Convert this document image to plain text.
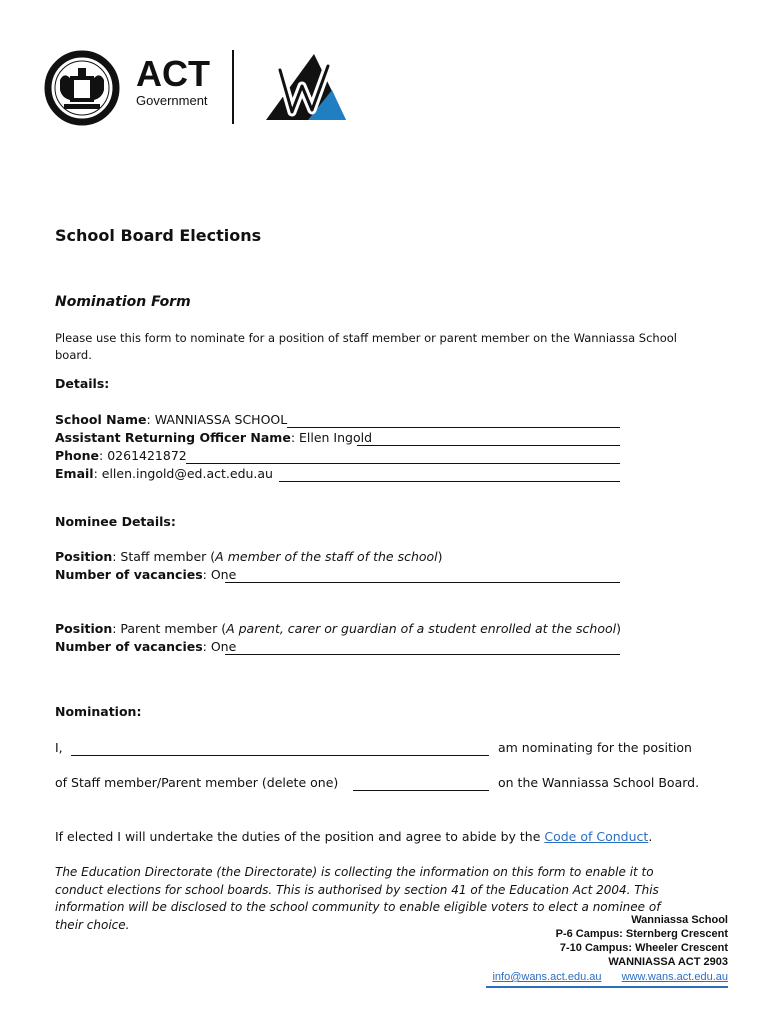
ACT
Government
School Board Elections
Nomination Form
Please use this form to nominate for a position of staff member or parent member on the Wanniassa School
board.
Details:
School Name: WANNIASSA SCHOOL
Assistant Returning Officer Name: Ellen Ingold
Phone: 0261421872
Email: ellen.ingold@ed.act.edu.au
Nominee Details:
Position: Staff member (A member of the staff of the school)
Number of vacancies: One
Position: Parent member (A parent, carer or guardian of a student enrolled at the school)
Number of vacancies: One
Nomination:
I,	am nominating for the position
of Staff member/Parent member (delete one)	on the Wanniassa School Board.
If elected I will undertake the duties of the position and agree to abide by the Code of Conduct.
The Education Directorate (the Directorate) is collecting the information on this form to enable it to
conduct elections for school boards. This is authorised by section 41 of the Education Act 2004. This
information will be disclosed to the school community to enable eligible voters to elect a nominee of
their choice.	Wanniassa School
P-6 Campus: Sternberg Crescent
7-10 Campus: Wheeler Crescent
WANNIASSA ACT 2903
info@wans.act.edu.au www.wans.act.edu.au
